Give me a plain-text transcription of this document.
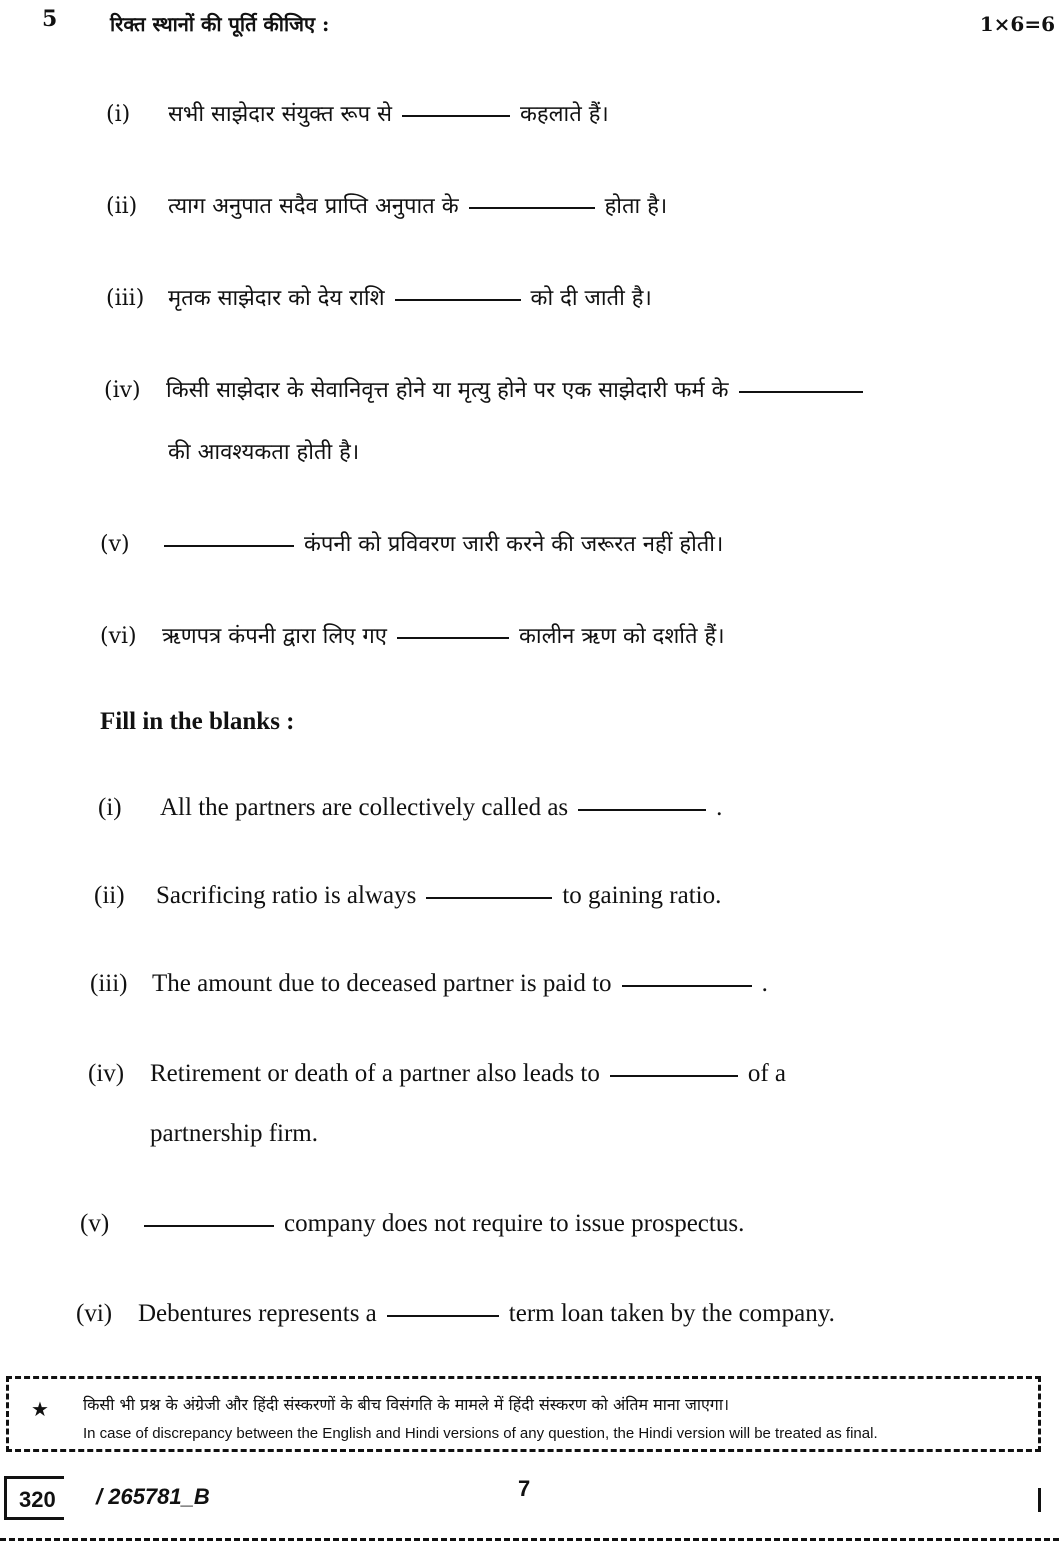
5	रिक्त स्थानों की पूर्ति कीजिए :	1×6=6
(i) सभी साझेदार संयुक्त रूप से	कहलाते हैं।
(ii) त्याग अनुपात सदैव प्राप्ति अनुपात के	होता है।
(iii) मृतक साझेदार को देय राशि	को दी जाती है।
(iv) किसी साझेदार के सेवानिवृत्त होने या मृत्यु होने पर एक साझेदारी फर्म के
की आवश्यकता होती है।
(v)	कंपनी को प्रविवरण जारी करने की जरूरत नहीं होती।
(vi) ऋणपत्र कंपनी द्वारा लिए गए	कालीन ऋण को दर्शाते हैं।
Fill in the blanks :
(i) All the partners are collectively called as	.
(ii) Sacrificing ratio is always	to gaining ratio.
(iii) The amount due to deceased partner is paid to	.
(iv) Retirement or death of a partner also leads to	of a
partnership firm.
(v)	company does not require to issue prospectus.
(vi) Debentures represents a	term loan taken by the company.
★ किसी भी प्रश्न के अंग्रेजी और हिंदी संस्करणों के बीच विसंगति के मामले में हिंदी संस्करण को अंतिम माना जाएगा।
In case of discrepancy between the English and Hindi versions of any question, the Hindi version will be treated as final.
320 / 265781_B	7
